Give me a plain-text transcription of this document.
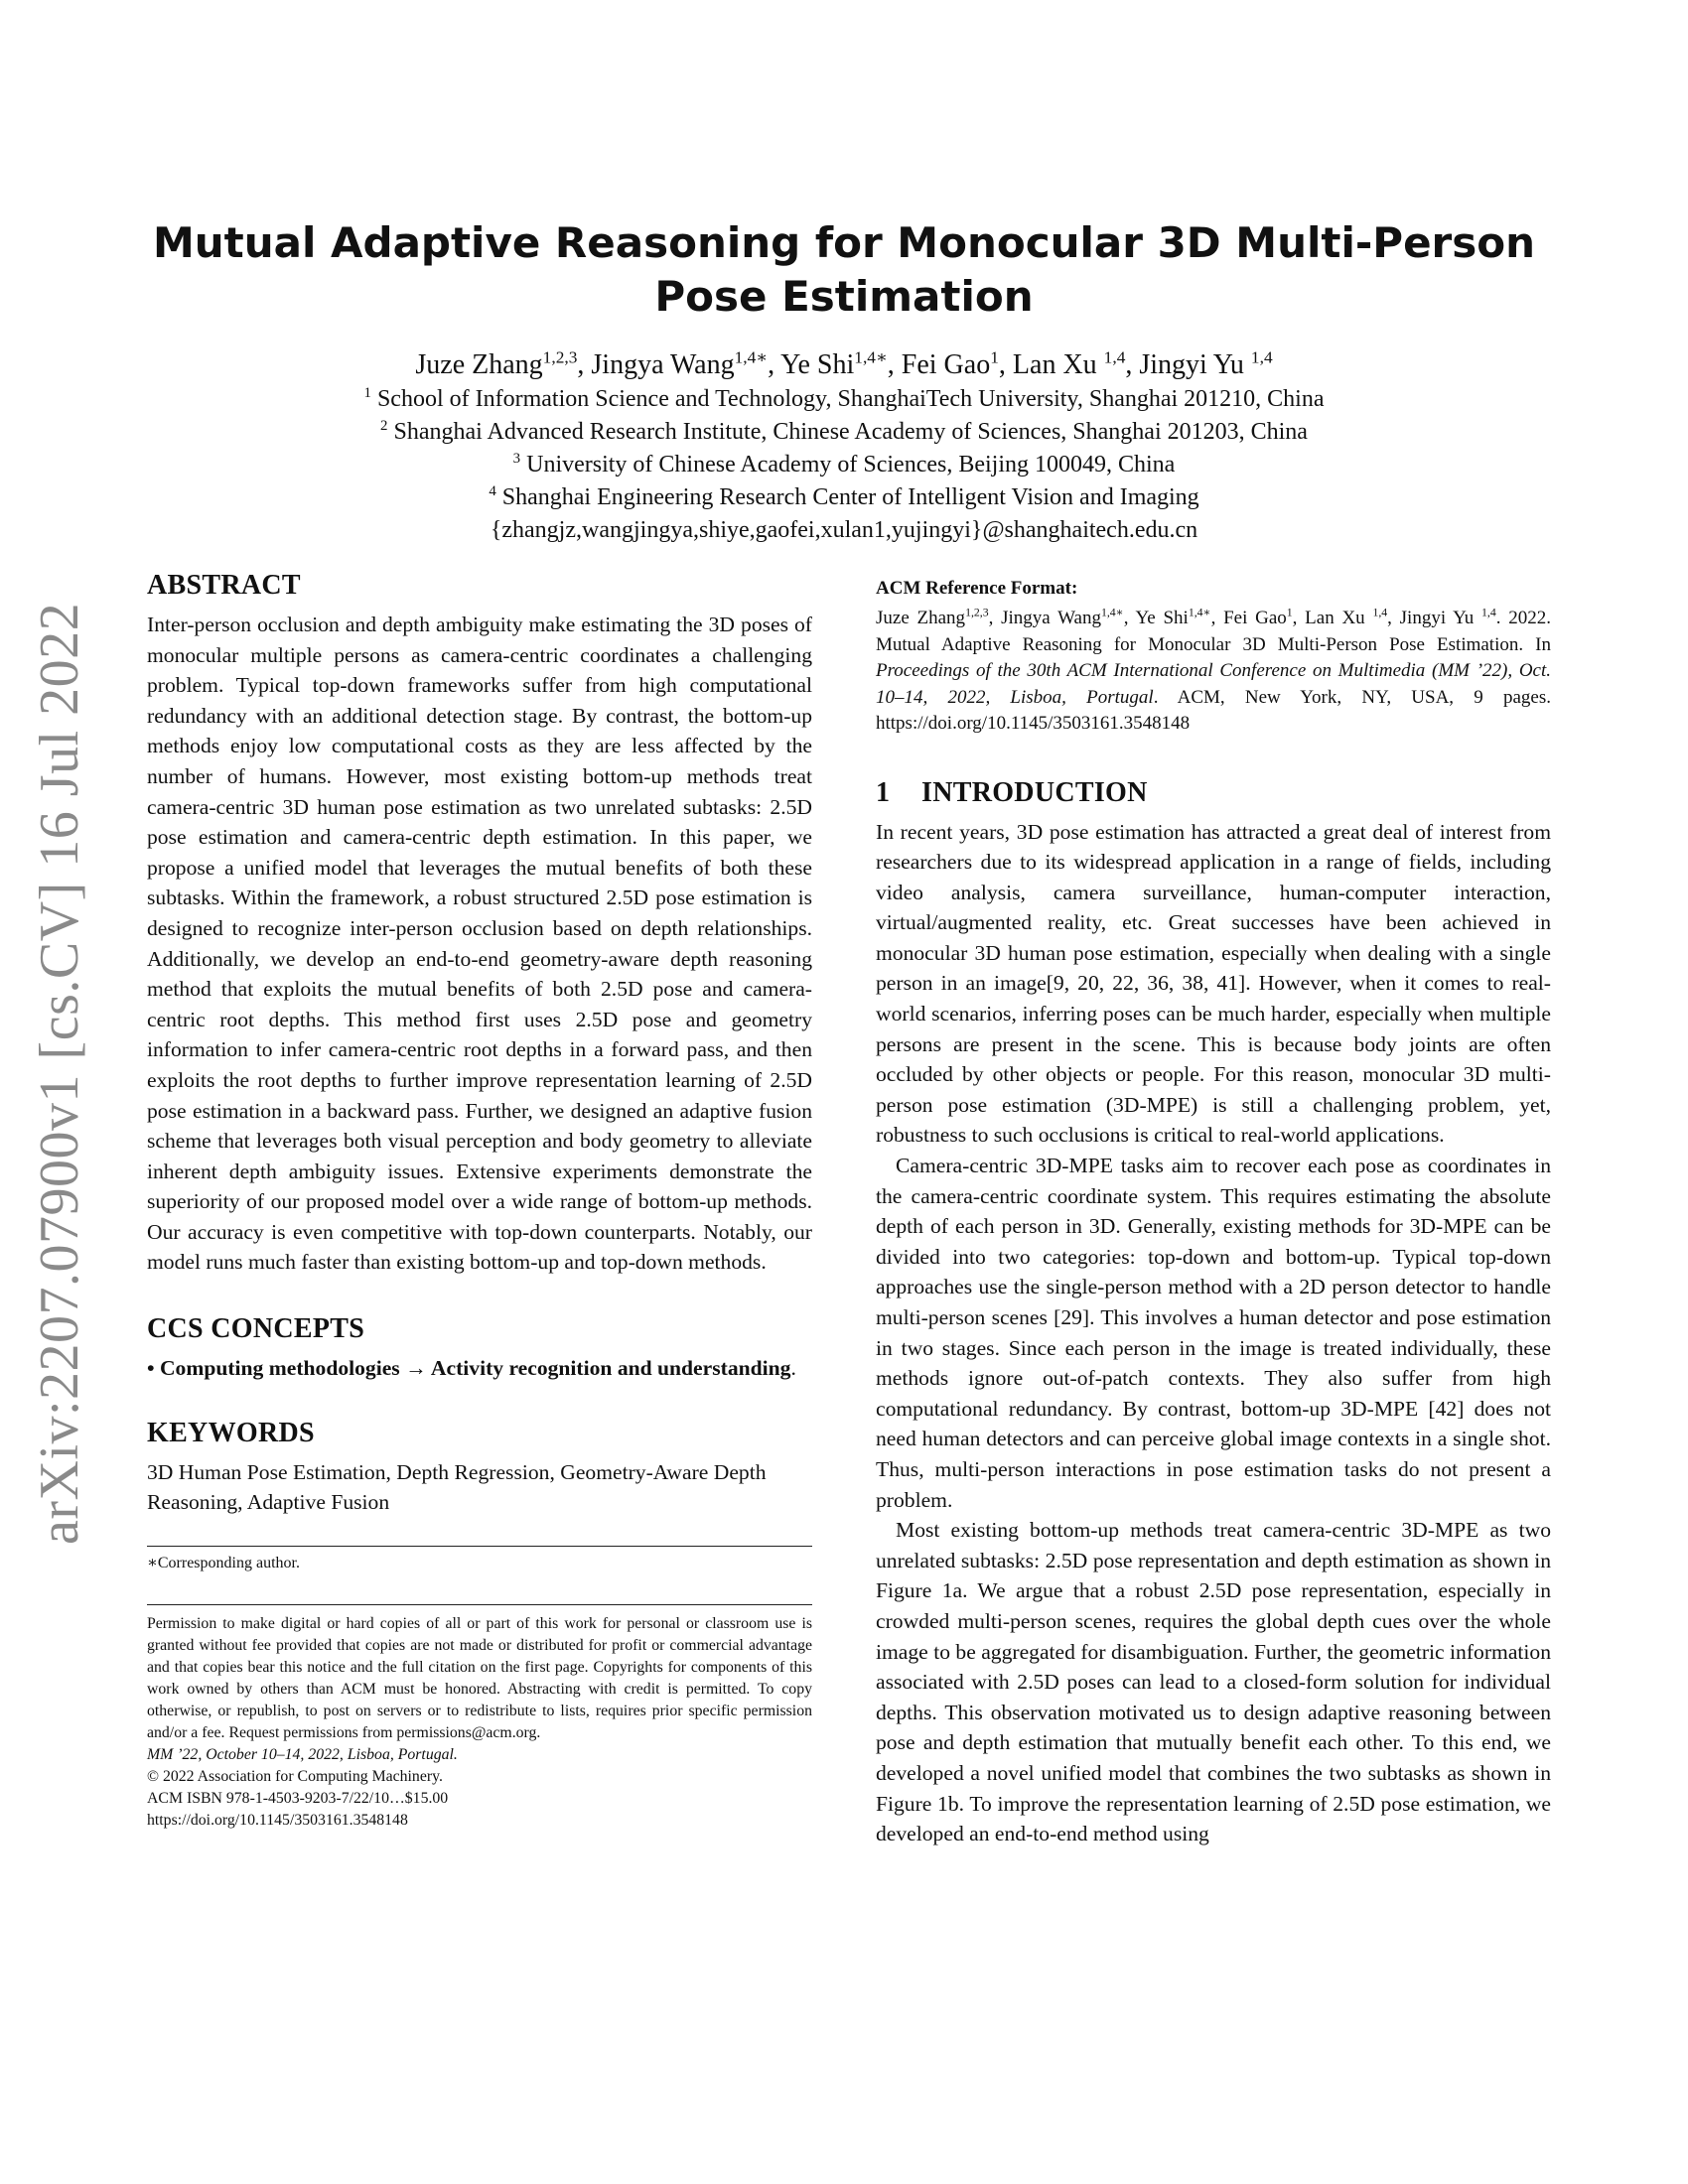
arXiv:2207.07900v1 [cs.CV] 16 Jul 2022
Mutual Adaptive Reasoning for Monocular 3D Multi-Person Pose Estimation
Juze Zhang$^{1,2,3}$, Jingya Wang$^{1,4∗}$, Ye Shi$^{1,4∗}$, Fei Gao$^1$, Lan Xu $^{1,4}$, Jingyi Yu $^{1,4}$
$^1$ School of Information Science and Technology, ShanghaiTech University, Shanghai 201210, China
$^2$ Shanghai Advanced Research Institute, Chinese Academy of Sciences, Shanghai 201203, China
$^3$ University of Chinese Academy of Sciences, Beijing 100049, China
$^4$ Shanghai Engineering Research Center of Intelligent Vision and Imaging
{zhangjz,wangjingya,shiye,gaofei,xulan1,yujingyi}@shanghaitech.edu.cn
ABSTRACT

Inter-person occlusion and depth ambiguity make estimating the 3D poses of monocular multiple persons as camera-centric coordinates a challenging problem. Typical top-down frameworks suffer from high computational redundancy with an additional detection stage. By contrast, the bottom-up methods enjoy low computational costs as they are less affected by the number of humans. However, most existing bottom-up methods treat camera-centric 3D human pose estimation as two unrelated subtasks: 2.5D pose estimation and camera-centric depth estimation. In this paper, we propose a unified model that leverages the mutual benefits of both these subtasks. Within the framework, a robust structured 2.5D pose estimation is designed to recognize inter-person occlusion based on depth relationships. Additionally, we develop an end-to-end geometry-aware depth reasoning method that exploits the mutual benefits of both 2.5D pose and camera-centric root depths. This method first uses 2.5D pose and geometry information to infer camera-centric root depths in a forward pass, and then exploits the root depths to further improve representation learning of 2.5D pose estimation in a backward pass. Further, we designed an adaptive fusion scheme that leverages both visual perception and body geometry to alleviate inherent depth ambiguity issues. Extensive experiments demonstrate the superiority of our proposed model over a wide range of bottom-up methods. Our accuracy is even competitive with top-down counterparts. Notably, our model runs much faster than existing bottom-up and top-down methods.

CCS CONCEPTS
• Computing methodologies → Activity recognition and understanding.
KEYWORDS

3D Human Pose Estimation, Depth Regression, Geometry-Aware Depth Reasoning, Adaptive Fusion

∗Corresponding author.

Permission to make digital or hard copies of all or part of this work for personal or classroom use is granted without fee provided that copies are not made or distributed for profit or commercial advantage and that copies bear this notice and the full citation on the first page. Copyrights for components of this work owned by others than ACM must be honored. Abstracting with credit is permitted. To copy otherwise, or republish, to post on servers or to redistribute to lists, requires prior specific permission and/or a fee. Request permissions from permissions@acm.org.

MM ’22, October 10–14, 2022, Lisboa, Portugal.

© 2022 Association for Computing Machinery.

ACM ISBN 978-1-4503-9203-7/22/10…$15.00

https://doi.org/10.1145/3503161.3548148

ACM Reference Format:

Juze Zhang$^{1,2,3}$, Jingya Wang$^{1,4∗}$, Ye Shi$^{1,4∗}$, Fei Gao$^1$, Lan Xu $^{1,4}$, Jingyi Yu $^{1,4}$. 2022. Mutual Adaptive Reasoning for Monocular 3D Multi-Person Pose Estimation. In Proceedings of the 30th ACM International Conference on Multimedia (MM ’22), Oct. 10–14, 2022, Lisboa, Portugal. ACM, New York, NY, USA, 9 pages. https://doi.org/10.1145/3503161.3548148

1 INTRODUCTION

In recent years, 3D pose estimation has attracted a great deal of interest from researchers due to its widespread application in a range of fields, including video analysis, camera surveillance, human-computer interaction, virtual/augmented reality, etc. Great successes have been achieved in monocular 3D human pose estimation, especially when dealing with a single person in an image[9, 20, 22, 36, 38, 41]. However, when it comes to real-world scenarios, inferring poses can be much harder, especially when multiple persons are present in the scene. This is because body joints are often occluded by other objects or people. For this reason, monocular 3D multi-person pose estimation (3D-MPE) is still a challenging problem, yet, robustness to such occlusions is critical to real-world applications.

Camera-centric 3D-MPE tasks aim to recover each pose as coordinates in the camera-centric coordinate system. This requires estimating the absolute depth of each person in 3D. Generally, existing methods for 3D-MPE can be divided into two categories: top-down and bottom-up. Typical top-down approaches use the single-person method with a 2D person detector to handle multi-person scenes [29]. This involves a human detector and pose estimation in two stages. Since each person in the image is treated individually, these methods ignore out-of-patch contexts. They also suffer from high computational redundancy. By contrast, bottom-up 3D-MPE [42] does not need human detectors and can perceive global image contexts in a single shot. Thus, multi-person interactions in pose estimation tasks do not present a problem.

Most existing bottom-up methods treat camera-centric 3D-MPE as two unrelated subtasks: 2.5D pose representation and depth estimation as shown in Figure 1a. We argue that a robust 2.5D pose representation, especially in crowded multi-person scenes, requires the global depth cues over the whole image to be aggregated for disambiguation. Further, the geometric information associated with 2.5D poses can lead to a closed-form solution for individual depths. This observation motivated us to design adaptive reasoning between pose and depth estimation that mutually benefit each other. To this end, we developed a novel unified model that combines the two subtasks as shown in Figure 1b. To improve the representation learning of 2.5D pose estimation, we developed an end-to-end method using
